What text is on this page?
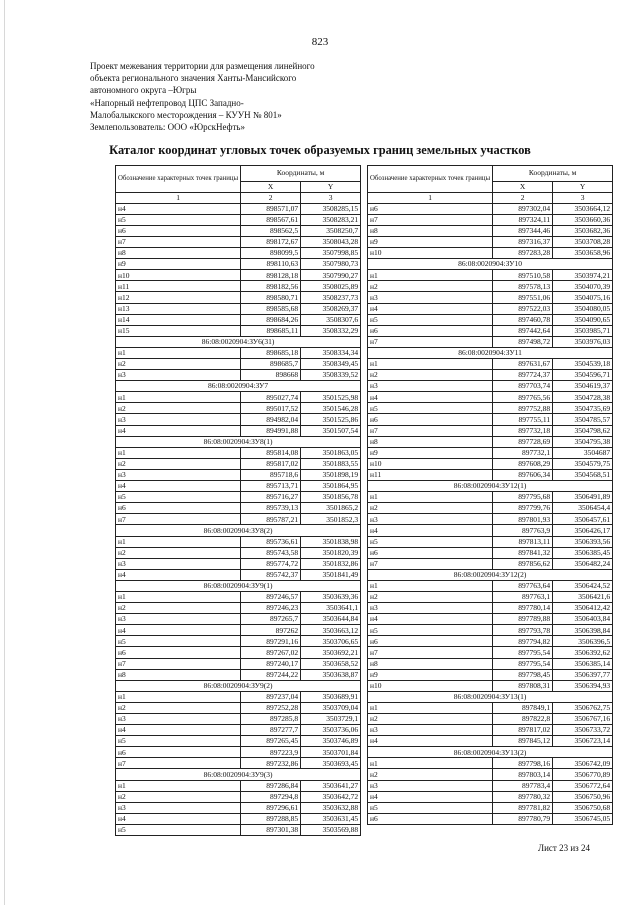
823
Проект межевания территории для размещения линейного
объекта регионального значения Ханты-Мансийского
автономного округа –Югры
«Напорный нефтепровод ЦПС Западно-
Малобалыкского месторождения – КУУН № 801»
Землепользователь: ООО «ЮрскНефть»
Каталог координат угловых точек образуемых границ земельных участков
Обозначение характерных точек границы	Координаты, м	
	X	Y
1	2	3
н4	898571,07	3508285,15
н5	898567,61	3508283,21
н6	898562,5	3508250,7
н7	898172,67	3508043,28
н8	898099,5	3507998,85
н9	898110,63	3507980,73
н10	898128,18	3507990,27
н11	898182,56	3508025,89
н12	898580,71	3508237,73
н13	898585,68	3508269,37
н14	898684,26	3508307,6
н15	898685,11	3508332,29
86:08:0020904:ЗУ6(31)		
н1	898685,18	3508334,34
н2	898685,7	3508349,45
н3	898668	3508339,52
86:08:0020904:ЗУ7		
н1	895027,74	3501525,98
н2	895017,52	3501546,28
н3	894982,04	3501525,86
н4	894991,88	3501507,54
86:08:0020904:ЗУ8(1)		
н1	895814,08	3501863,05
н2	895817,02	3501883,55
н3	895718,6	3501898,19
н4	895713,71	3501864,95
н5	895716,27	3501856,78
н6	895739,13	3501865,2
н7	895787,21	3501852,3
86:08:0020904:ЗУ8(2)		
н1	895736,61	3501838,98
н2	895743,58	3501820,39
н3	895774,72	3501832,86
н4	895742,37	3501841,49
86:08:0020904:ЗУ9(1)		
н1	897246,57	3503639,36
н2	897246,23	3503641,1
н3	897265,7	3503644,84
н4	897262	3503663,12
н5	897291,16	3503706,65
н6	897267,02	3503692,21
н7	897240,17	3503658,52
н8	897244,22	3503638,87
86:08:0020904:ЗУ9(2)		
н1	897237,04	3503689,91
н2	897252,28	3503709,04
н3	897285,8	3503729,1
н4	897277,7	3503736,06
н5	897265,45	3503746,89
н6	897223,9	3503701,84
н7	897232,86	3503693,45
86:08:0020904:ЗУ9(3)		
н1	897286,84	3503641,27
н2	897294,8	3503642,72
н3	897296,61	3503632,88
н4	897288,85	3503631,45
н5	897301,38	3503569,88
Обозначение характерных точек границы	Координаты, м	
	X	Y
1	2	3
н6	897302,04	3503664,12
н7	897324,11	3503660,36
н8	897344,46	3503682,36
н9	897316,37	3503708,28
н10	897283,28	3503658,96
86:08:0020904:ЗУ10		
н1	897510,58	3503974,21
н2	897578,13	3504070,39
н3	897551,06	3504075,16
н4	897522,03	3504080,05
н5	897460,78	3504090,65
н6	897442,64	3503985,71
н7	897498,72	3503976,03
86:08:0020904:ЗУ11		
н1	897631,67	3504539,18
н2	897724,37	3504596,71
н3	897703,74	3504619,37
н4	897765,56	3504728,38
н5	897752,88	3504735,69
н6	897755,11	3504785,57
н7	897732,18	3504798,62
н8	897728,69	3504795,38
н9	897732,1	3504687
н10	897608,29	3504579,75
н11	897606,34	3504568,51
86:08:0020904:ЗУ12(1)		
н1	897795,68	3506491,89
н2	897799,76	3506454,4
н3	897801,93	3506457,61
н4	897763,9	3506426,17
н5	897813,11	3506393,56
н6	897841,32	3506385,45
н7	897856,62	3506482,24
86:08:0020904:ЗУ12(2)		
н1	897763,64	3506424,52
н2	897763,1	3506421,6
н3	897780,14	3506412,42
н4	897789,88	3506403,84
н5	897793,78	3506398,84
н6	897794,82	3506396,5
н7	897795,54	3506392,62
н8	897795,54	3506385,14
н9	897798,45	3506397,77
н10	897808,31	3506394,93
86:08:0020904:ЗУ13(1)		
н1	897849,1	3506762,75
н2	897822,8	3506767,16
н3	897817,02	3506733,72
н4	897845,12	3506723,14
86:08:0020904:ЗУ13(2)		
н1	897798,16	3506742,09
н2	897803,14	3506770,89
н3	897783,4	3506772,64
н4	897780,32	3506750,96
н5	897781,82	3506750,68
н6	897780,79	3506745,05
Лист 23 из 24
